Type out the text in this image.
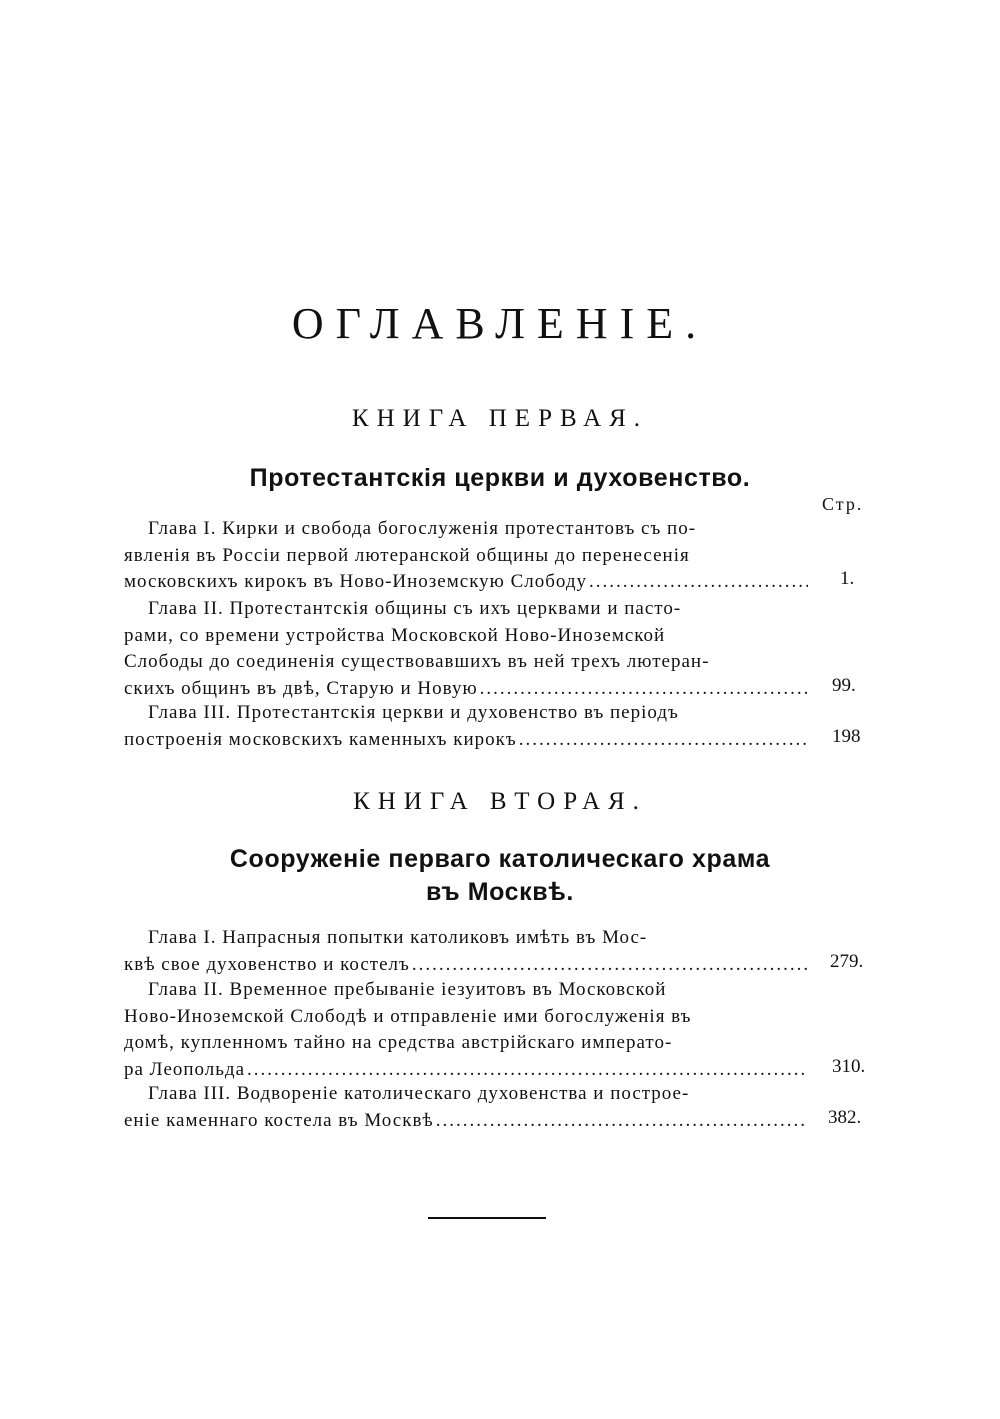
ОГЛАВЛЕНІЕ.
КНИГА ПЕРВАЯ.
Протестантскія церкви и духовенство.
Стр.
Глава I. Кирки и свобода богослуженія протестантовъ съ по-
явленія въ Россіи первой лютеранской общины до перенесенія
московскихъ кирокъ въ Ново-Иноземскую Слободу .....	1.
Глава II. Протестантскія общины съ ихъ церквами и пасто-
рами, со времени устройства Московской Ново-Иноземской
Слободы до соединенія существовавшихъ въ ней трехъ лютеран-
скихъ общинъ въ двѣ, Старую и Новую .....	99.
Глава III. Протестантскія церкви и духовенство въ періодъ
построенія московскихъ каменныхъ кирокъ .....	198
КНИГА ВТОРАЯ.
Сооруженіе перваго католическаго храма
въ Москвѣ.
Глава I. Напрасныя попытки католиковъ имѣть въ Мос-
квѣ свое духовенство и костелъ .....	279.
Глава II. Временное пребываніе іезуитовъ въ Московской
Ново-Иноземской Слободѣ и отправленіе ими богослуженія въ
домѣ, купленномъ тайно на средства австрійскаго императо-
ра Леопольда .....	310.
Глава III. Водвореніе католическаго духовенства и построе-
еніе каменнаго костела въ Москвѣ .....	382.
